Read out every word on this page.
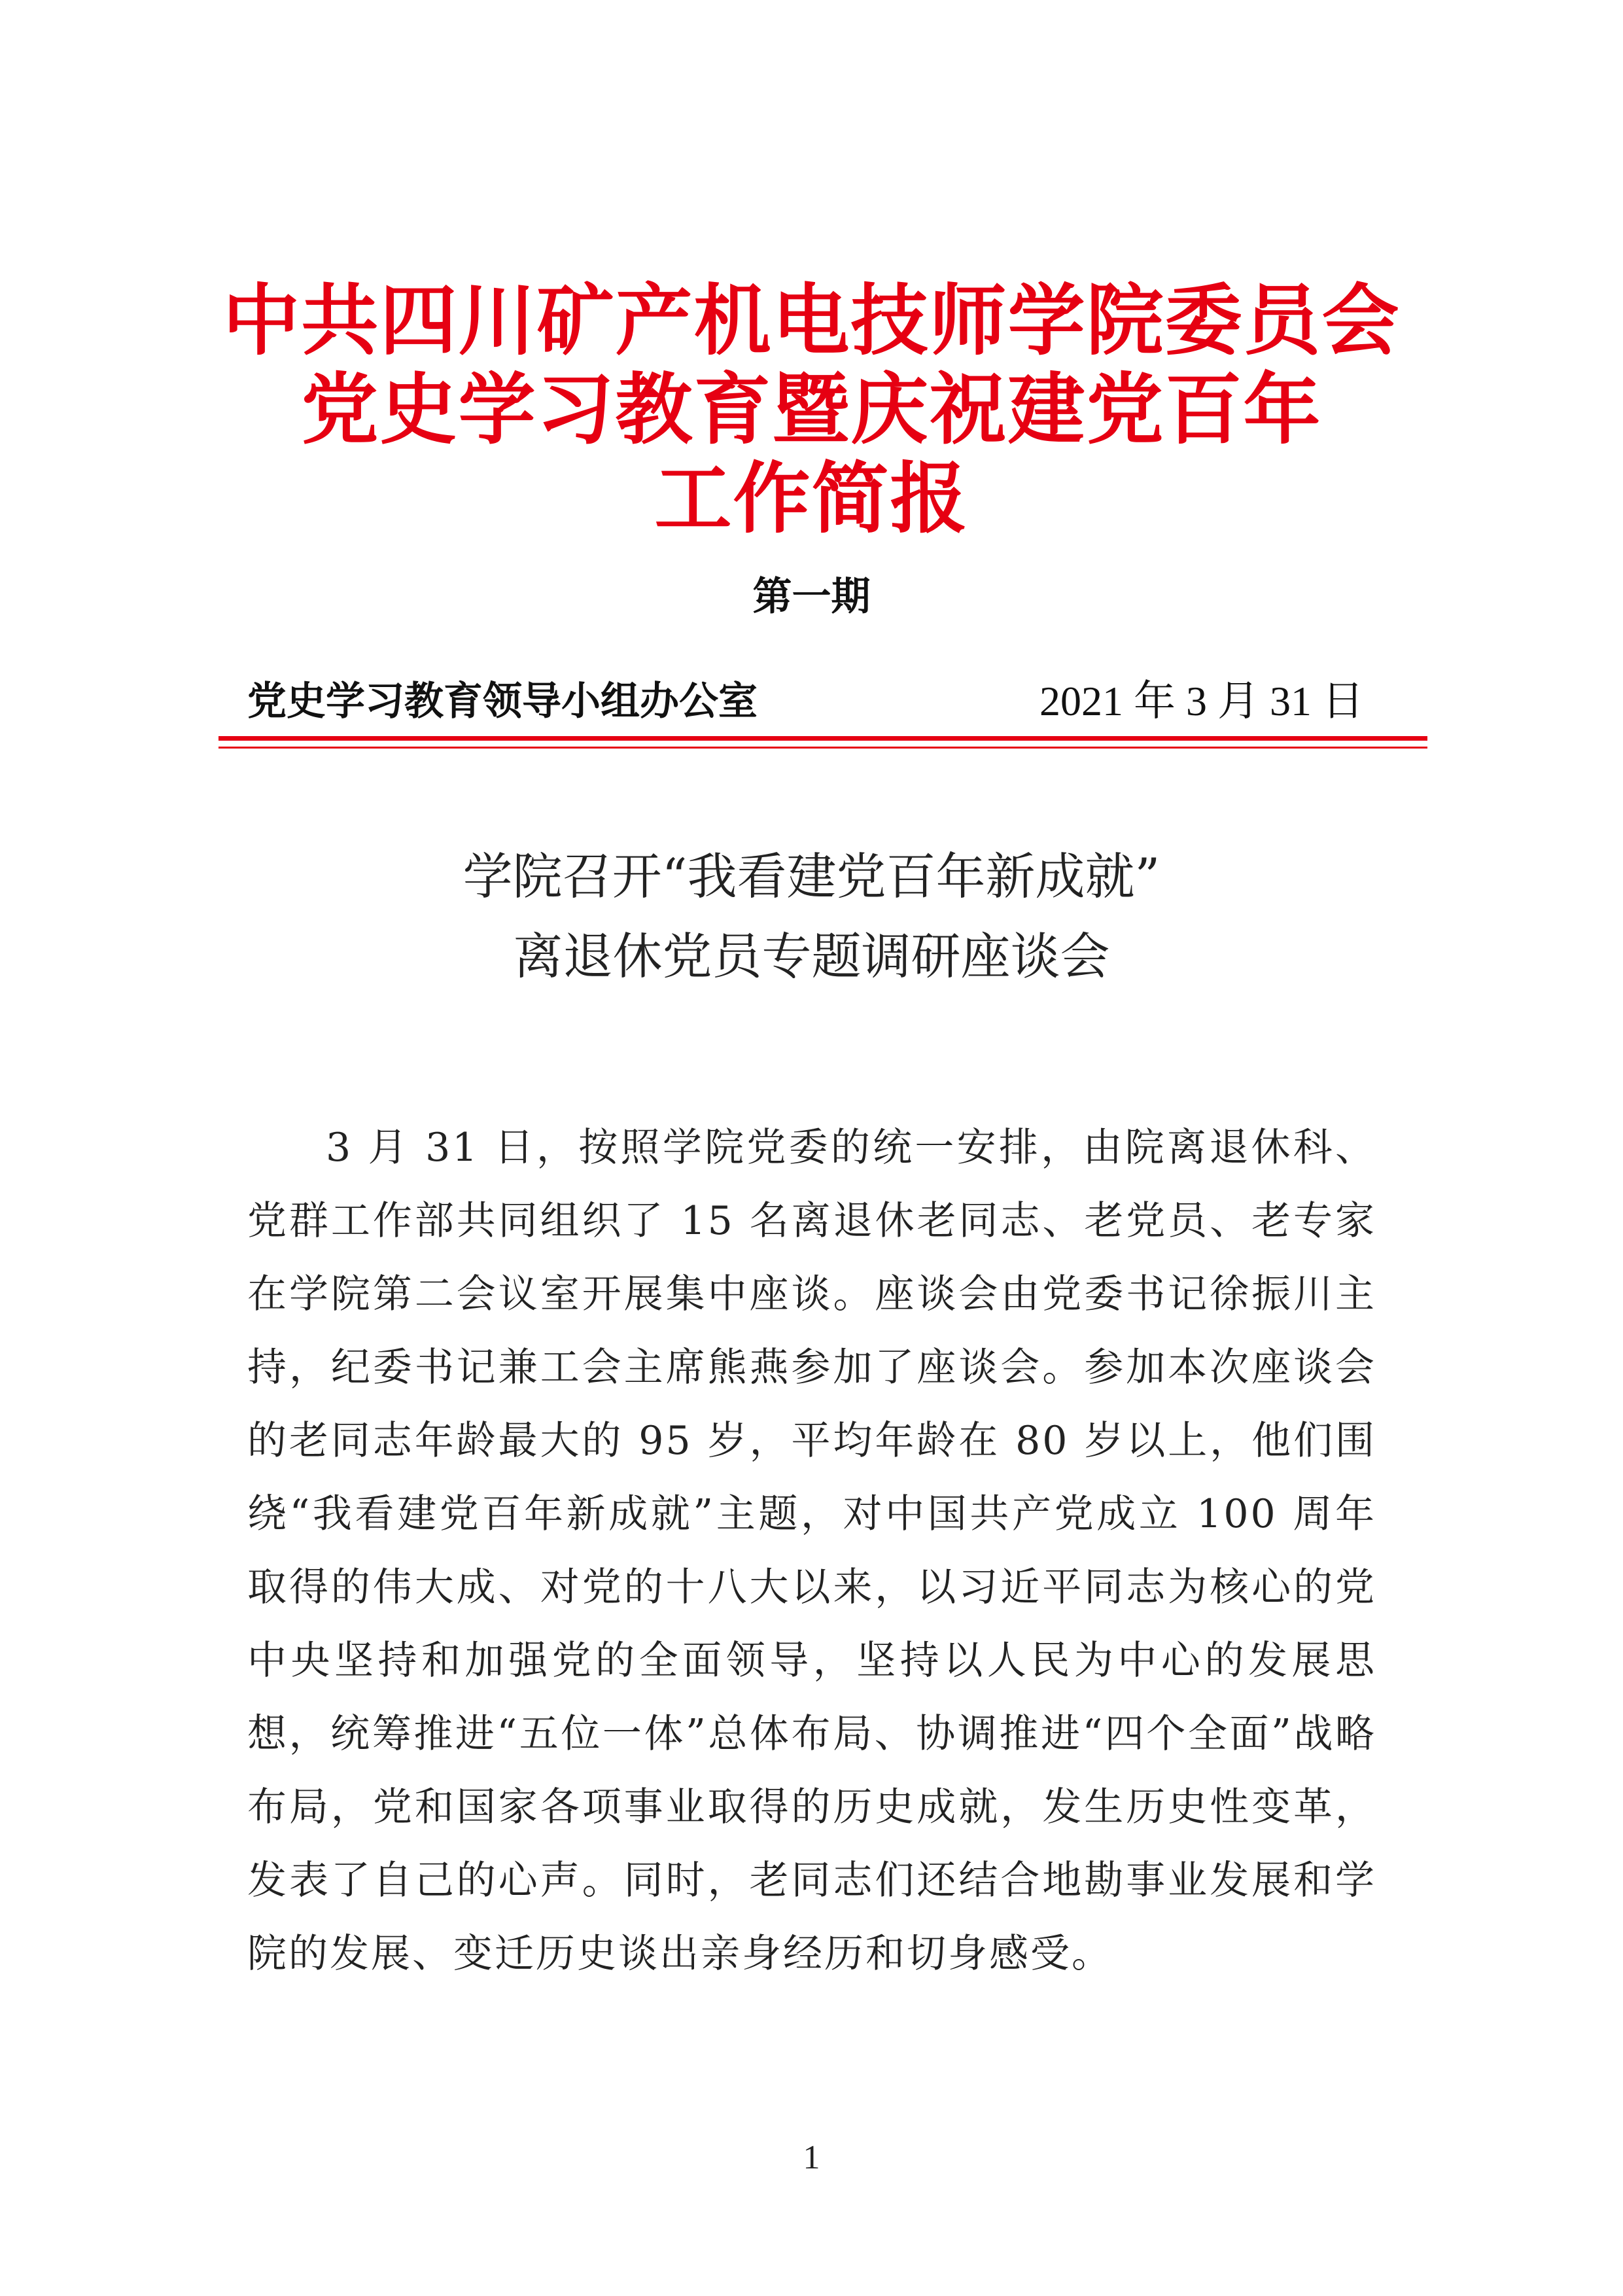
中共四川矿产机电技师学院委员会
党史学习教育暨庆祝建党百年
工作简报
第一期
党史学习教育领导小组办公室	2021 年 3 月 31 日
学院召开“我看建党百年新成就”
离退休党员专题调研座谈会

3 月 31 日，按照学院党委的统一安排，由院离退休科、党群工作部共同组织了 15 名离退休老同志、老党员、老专家在学院第二会议室开展集中座谈。座谈会由党委书记徐振川主持，纪委书记兼工会主席熊燕参加了座谈会。参加本次座谈会的老同志年龄最大的 95 岁，平均年龄在 80 岁以上，他们围绕“我看建党百年新成就”主题，对中国共产党成立 100 周年取得的伟大成、对党的十八大以来，以习近平同志为核心的党中央坚持和加强党的全面领导，坚持以人民为中心的发展思想，统筹推进“五位一体”总体布局、协调推进“四个全面”战略布局，党和国家各项事业取得的历史成就，发生历史性变革，发表了自己的心声。同时，老同志们还结合地勘事业发展和学院的发展、变迁历史谈出亲身经历和切身感受。

1
